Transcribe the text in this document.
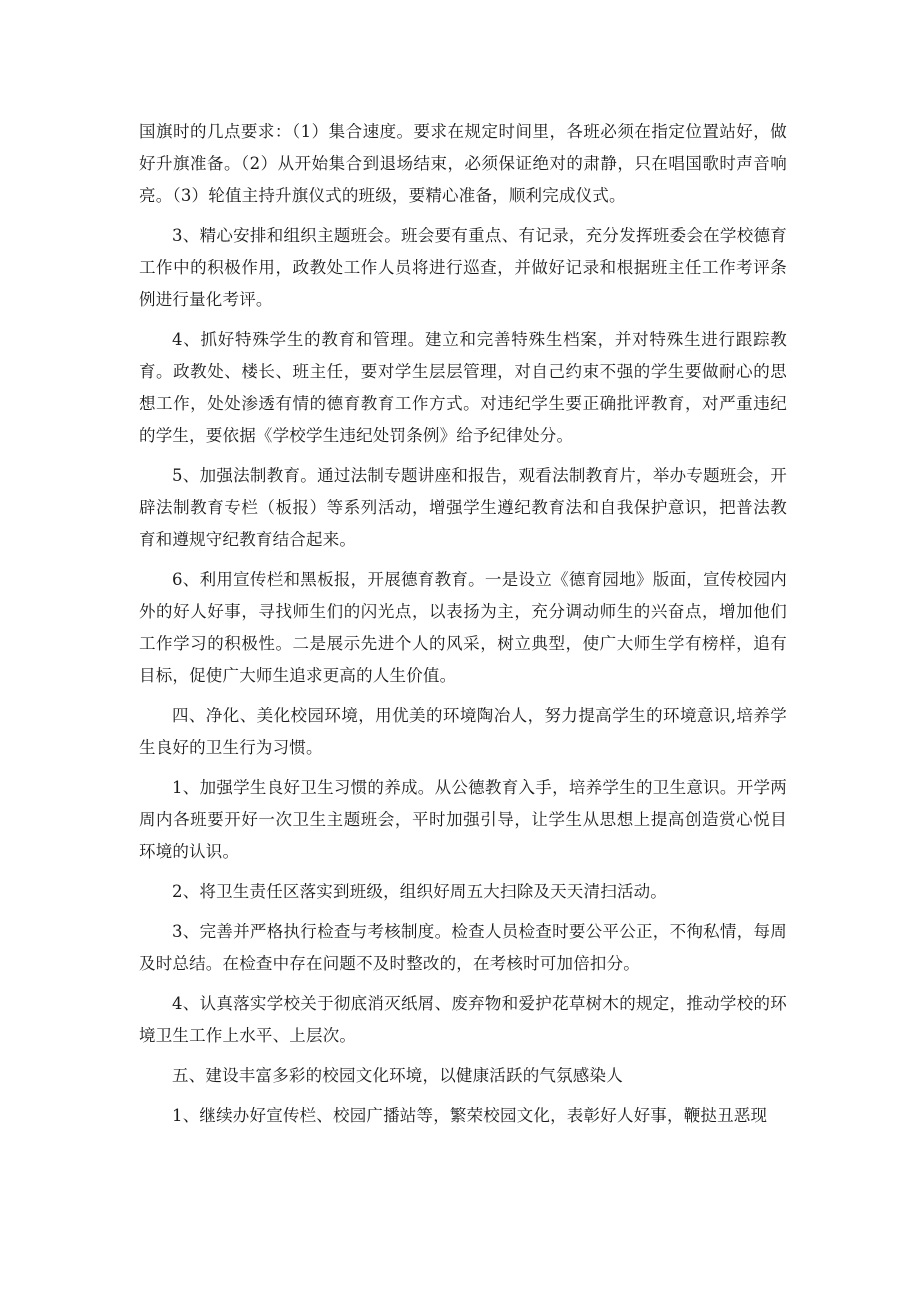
国旗时的几点要求：（1）集合速度。要求在规定时间里，各班必须在指定位置站好，做好升旗准备。（2）从开始集合到退场结束，必须保证绝对的肃静，只在唱国歌时声音响亮。（3）轮值主持升旗仪式的班级，要精心准备，顺利完成仪式。

3、精心安排和组织主题班会。班会要有重点、有记录，充分发挥班委会在学校德育工作中的积极作用，政教处工作人员将进行巡查，并做好记录和根据班主任工作考评条例进行量化考评。

4、抓好特殊学生的教育和管理。建立和完善特殊生档案，并对特殊生进行跟踪教育。政教处、楼长、班主任，要对学生层层管理，对自己约束不强的学生要做耐心的思想工作，处处渗透有情的德育教育工作方式。对违纪学生要正确批评教育，对严重违纪的学生，要依据《学校学生违纪处罚条例》给予纪律处分。

5、加强法制教育。通过法制专题讲座和报告，观看法制教育片，举办专题班会，开辟法制教育专栏（板报）等系列活动，增强学生遵纪教育法和自我保护意识，把普法教育和遵规守纪教育结合起来。

6、利用宣传栏和黑板报，开展德育教育。一是设立《德育园地》版面，宣传校园内外的好人好事，寻找师生们的闪光点，以表扬为主，充分调动师生的兴奋点，增加他们工作学习的积极性。二是展示先进个人的风采，树立典型，使广大师生学有榜样，追有目标，促使广大师生追求更高的人生价值。

四、净化、美化校园环境，用优美的环境陶冶人，努力提高学生的环境意识,培养学生良好的卫生行为习惯。

1、加强学生良好卫生习惯的养成。从公德教育入手，培养学生的卫生意识。开学两周内各班要开好一次卫生主题班会，平时加强引导，让学生从思想上提高创造赏心悦目环境的认识。

2、将卫生责任区落实到班级，组织好周五大扫除及天天清扫活动。

3、完善并严格执行检查与考核制度。检查人员检查时要公平公正，不徇私情，每周及时总结。在检查中存在问题不及时整改的，在考核时可加倍扣分。

4、认真落实学校关于彻底消灭纸屑、废弃物和爱护花草树木的规定，推动学校的环境卫生工作上水平、上层次。

五、建设丰富多彩的校园文化环境，以健康活跃的气氛感染人

1、继续办好宣传栏、校园广播站等，繁荣校园文化，表彰好人好事，鞭挞丑恶现
